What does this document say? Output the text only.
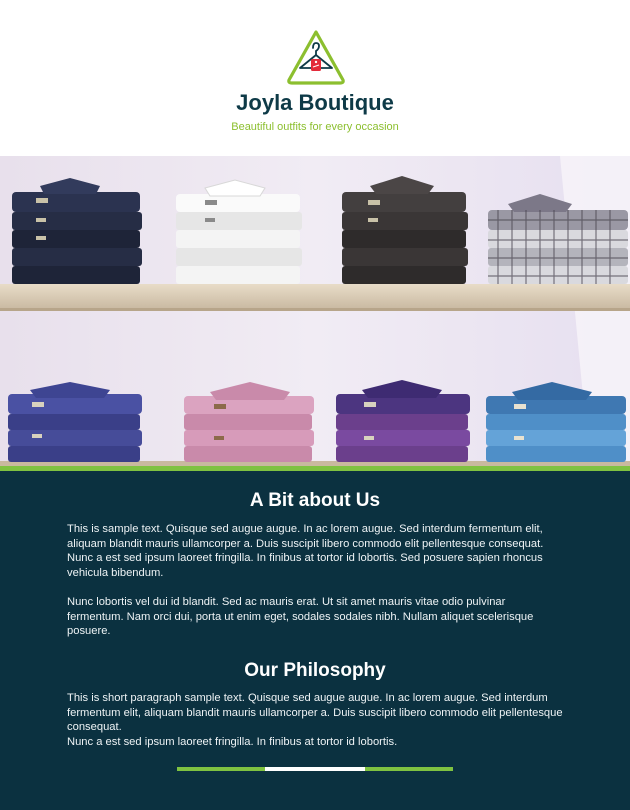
Joyla Boutique
Beautiful outfits for every occasion
A Bit about Us
This is sample text. Quisque sed augue augue. In ac lorem augue. Sed interdum fermentum elit, aliquam blandit mauris ullamcorper a. Duis suscipit libero commodo elit pellentesque consequat. Nunc a est sed ipsum laoreet fringilla. In finibus at tortor id lobortis. Sed posuere sapien rhoncus vehicula bibendum.
Nunc lobortis vel dui id blandit. Sed ac mauris erat. Ut sit amet mauris vitae odio pulvinar fermentum. Nam orci dui, porta ut enim eget, sodales sodales nibh. Nullam aliquet scelerisque posuere.
Our Philosophy
This is short paragraph sample text. Quisque sed augue augue. In ac lorem augue. Sed interdum fermentum elit, aliquam blandit mauris ullamcorper a. Duis suscipit libero commodo elit pellentesque consequat.
Nunc a est sed ipsum laoreet fringilla. In finibus at tortor id lobortis.
